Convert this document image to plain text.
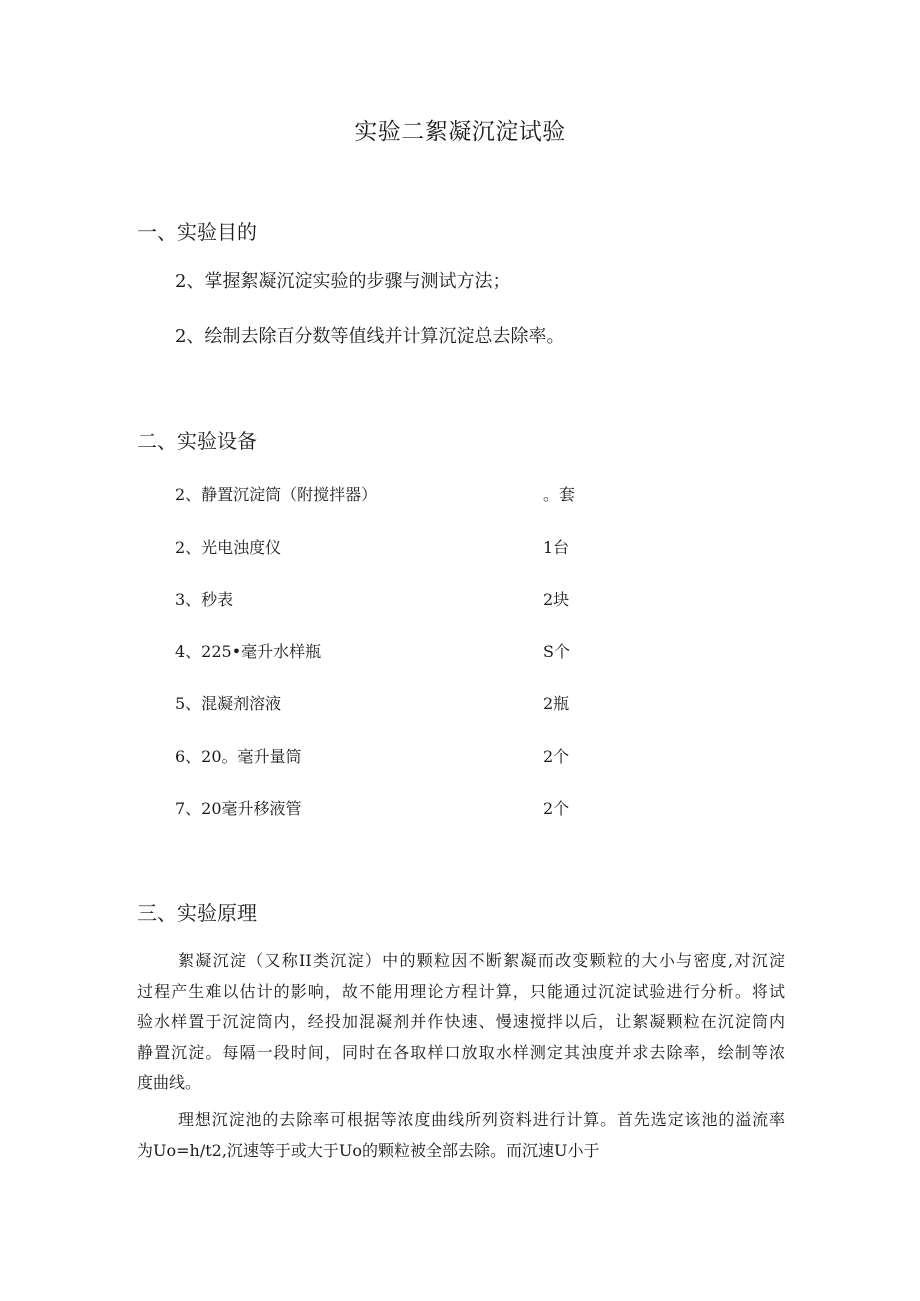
实验二絮凝沉淀试验
一、实验目的
2、掌握絮凝沉淀实验的步骤与测试方法；
2、绘制去除百分数等值线并计算沉淀总去除率。
二、实验设备
2、静置沉淀筒（附搅拌器）	。套
2、光电浊度仪	1台
3、秒表	2块
4、225•毫升水样瓶	S个
5、混凝剂溶液	2瓶
6、20。毫升量筒	2个
7、20毫升移液管	2个
三、实验原理
絮凝沉淀（又称II类沉淀）中的颗粒因不断絮凝而改变颗粒的大小与密度,对沉淀
过程产生难以估计的影响，故不能用理论方程计算，只能通过沉淀试验进行分析。将试
验水样置于沉淀筒内，经投加混凝剂并作快速、慢速搅拌以后，让絮凝颗粒在沉淀筒内
静置沉淀。每隔一段时间，同时在各取样口放取水样测定其浊度并求去除率，绘制等浓
度曲线。
理想沉淀池的去除率可根据等浓度曲线所列资料进行计算。首先选定该池的溢流率
为Uo=h/t2,沉速等于或大于Uo的颗粒被全部去除。而沉速U小于
